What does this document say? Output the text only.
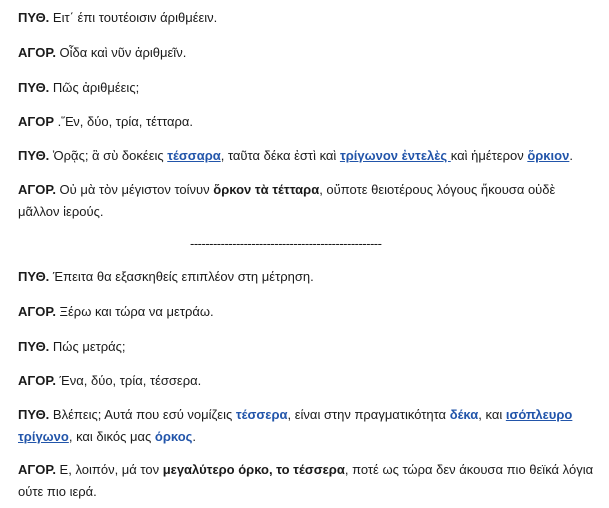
ΠΥΘ. Ειτ΄ έπι τουτέοισιν άριθμέειν.

ΑΓΟΡ. Οἶδα καὶ νῦν ἀριθμεῖν.

ΠΥΘ. Πῶς ἀριθμέεις;

ΑΓΟΡ .Ἕν, δύο, τρία, τέτταρα.

ΠΥΘ. Ὁρᾷς; ἃ σὺ δοκέεις τέσσαρα, ταῦτα δέκα ἐστὶ καὶ τρίγωνον ἐντελὲς καὶ ἡμέτερον ὅρκιον.

ΑΓΟΡ. Οὐ μὰ τὸν μέγιστον τοίνυν ὅρκον τὰ τέτταρα, οὔποτε θειοτέρους λόγους ἤκουσα οὐδὲ μᾶλλον ἱερούς.

--------------------------------------------------

ΠΥΘ. Έπειτα θα εξασκηθείς επιπλέον στη μέτρηση.

ΑΓΟΡ. Ξέρω και τώρα να μετράω.

ΠΥΘ. Πώς μετράς;

ΑΓΟΡ. Ένα, δύο, τρία, τέσσερα.

ΠΥΘ. Βλέπεις; Αυτά που εσύ νομίζεις τέσσερα, είναι στην πραγματικότητα δέκα, και ισόπλευρο τρίγωνο, και δικός μας όρκος.

ΑΓΟΡ. Ε, λοιπόν, μά τον μεγαλύτερο όρκο, το τέσσερα, ποτέ ως τώρα δεν άκουσα πιο θεϊκά λόγια ούτε πιο ιερά.
